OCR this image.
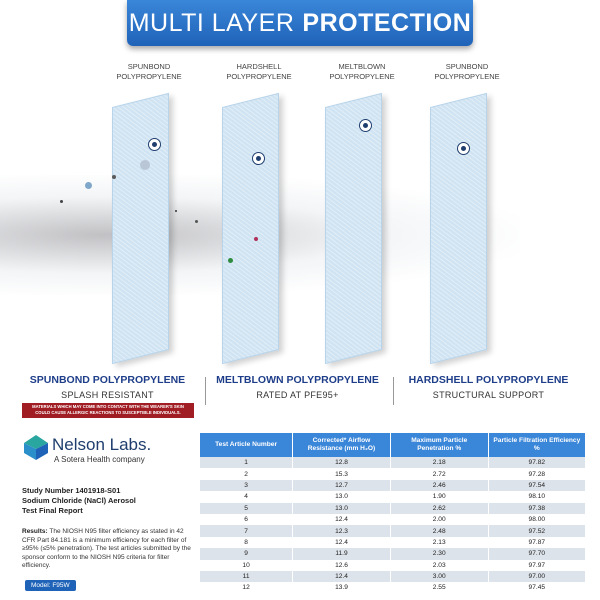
MULTI LAYER PROTECTION
SPUNBOND
POLYPROPYLENE
HARDSHELL
POLYPROPYLENE
MELTBLOWN
POLYPROPYLENE
SPUNBOND
POLYPROPYLENE
SPUNBOND POLYPROPYLENE
SPLASH RESISTANT
MATERIALS WHICH MAY COME INTO CONTACT WITH THE WEARER'S SKIN
COULD CAUSE ALLERGIC REACTIONS TO SUSCEPTIBLE INDIVIDUALS.
MELTBLOWN POLYPROPYLENE
RATED AT PFE95+
HARDSHELL POLYPROPYLENE
STRUCTURAL SUPPORT
Nelson Labs.
A Sotera Health company
Study Number 1401918-S01
Sodium Chloride (NaCl) Aerosol
Test Final Report
Results: The NIOSH N95 filter efficiency as stated in 42 CFR Part 84.181 is a minimum efficiency for each filter of ≥95% (≤5% penetration). The test articles submitted by the sponsor conform to the NIOSH N95 criteria for filter efficiency.
Model: F95W
Test Article Number	Corrected* Airflow Resistance (mm H₂O)	Maximum Particle Penetration %	Particle Filtration Efficiency %
1	12.8	2.18	97.82
2	15.3	2.72	97.28
3	12.7	2.46	97.54
4	13.0	1.90	98.10
5	13.0	2.62	97.38
6	12.4	2.00	98.00
7	12.3	2.48	97.52
8	12.4	2.13	97.87
9	11.9	2.30	97.70
10	12.6	2.03	97.97
11	12.4	3.00	97.00
12	13.9	2.55	97.45
